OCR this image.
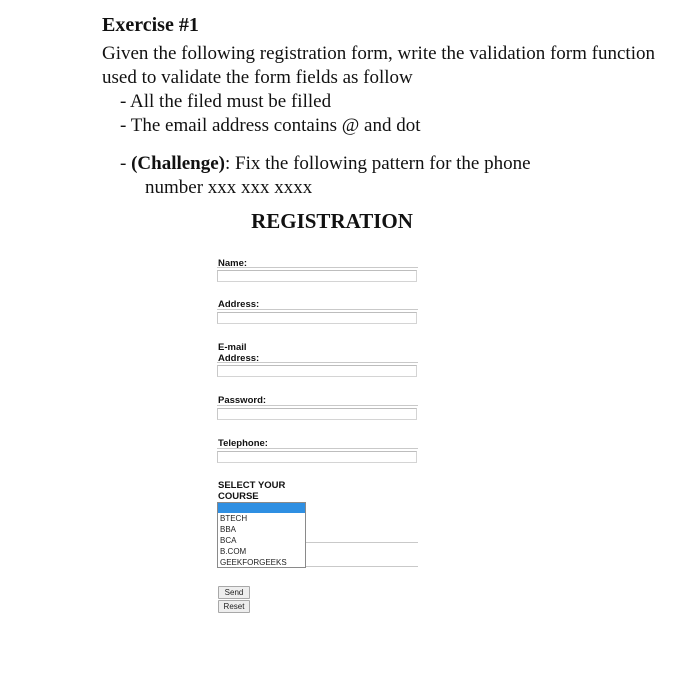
Exercise #1

Given the following registration form, write the validation form function used to validate the form fields as follow

- All the filed must be filled

- The email address contains @ and dot

- (Challenge): Fix the following pattern for the phone

number xxx xxx xxxx

REGISTRATION
Name:
Address:
E-mail
Address:
Password:
Telephone:
SELECT YOUR
COURSE
BTECH
BBA
BCA
B.COM
GEEKFORGEEKS
Send
Reset
